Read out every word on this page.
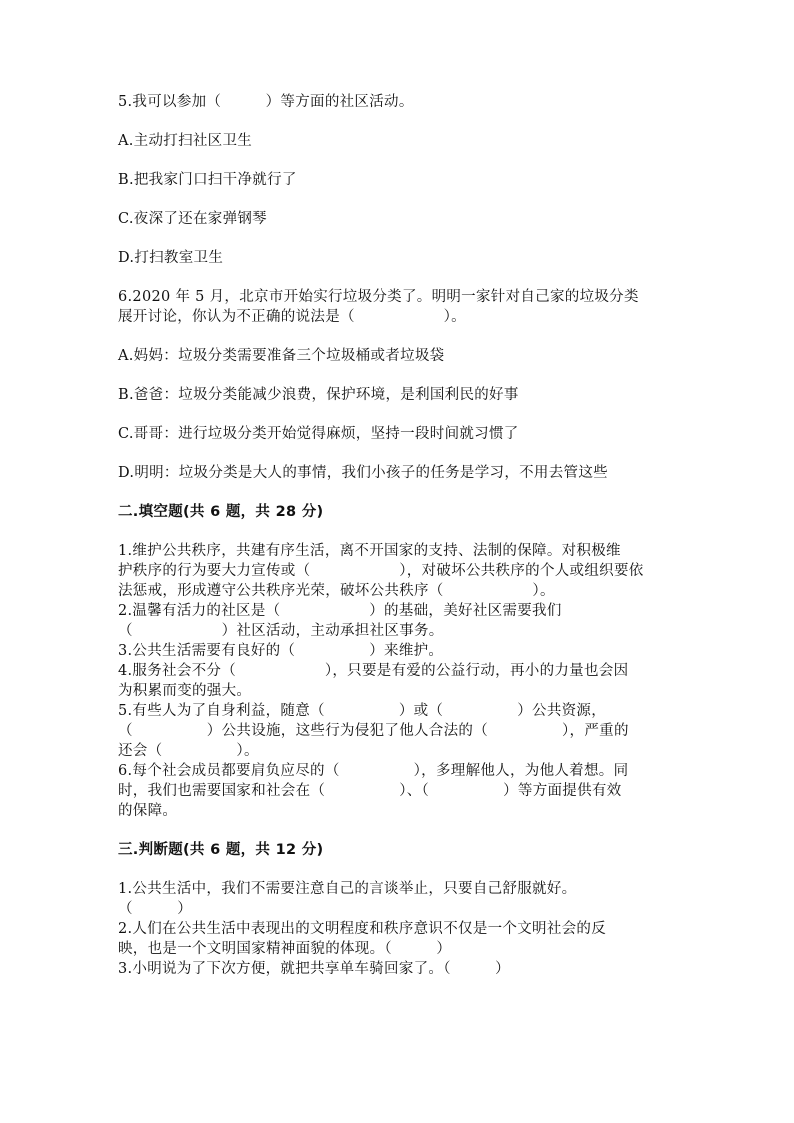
5.我可以参加（　　　）等方面的社区活动。
A.主动打扫社区卫生
B.把我家门口扫干净就行了
C.夜深了还在家弹钢琴
D.打扫教室卫生
6.2020 年 5 月，北京市开始实行垃圾分类了。明明一家针对自己家的垃圾分类
展开讨论，你认为不正确的说法是（　　　　　　）。
A.妈妈：垃圾分类需要准备三个垃圾桶或者垃圾袋
B.爸爸：垃圾分类能减少浪费，保护环境，是利国利民的好事
C.哥哥：进行垃圾分类开始觉得麻烦，坚持一段时间就习惯了
D.明明：垃圾分类是大人的事情，我们小孩子的任务是学习，不用去管这些
二.填空题(共 6 题，共 28 分)
1.维护公共秩序，共建有序生活，离不开国家的支持、法制的保障。对积极维
护秩序的行为要大力宣传或（　　　　　　），对破坏公共秩序的个人或组织要依
法惩戒，形成遵守公共秩序光荣，破坏公共秩序（　　　　　　）。
2.温馨有活力的社区是（　　　　　　）的基础，美好社区需要我们
（　　　　　　）社区活动，主动承担社区事务。
3.公共生活需要有良好的（　　　　　）来维护。
4.服务社会不分（　　　　　　），只要是有爱的公益行动，再小的力量也会因
为积累而变的强大。
5.有些人为了自身利益，随意（　　　　　）或（　　　　　）公共资源，
（　　　　　）公共设施，这些行为侵犯了他人合法的（　　　　　），严重的
还会（　　　　　）。
6.每个社会成员都要肩负应尽的（　　　　　），多理解他人，为他人着想。同
时，我们也需要国家和社会在（　　　　　）、（　　　　　）等方面提供有效
的保障。
三.判断题(共 6 题，共 12 分)
1.公共生活中，我们不需要注意自己的言谈举止，只要自己舒服就好。
（　　　）
2.人们在公共生活中表现出的文明程度和秩序意识不仅是一个文明社会的反
映，也是一个文明国家精神面貌的体现。（　　　）
3.小明说为了下次方便，就把共享单车骑回家了。（　　　）
